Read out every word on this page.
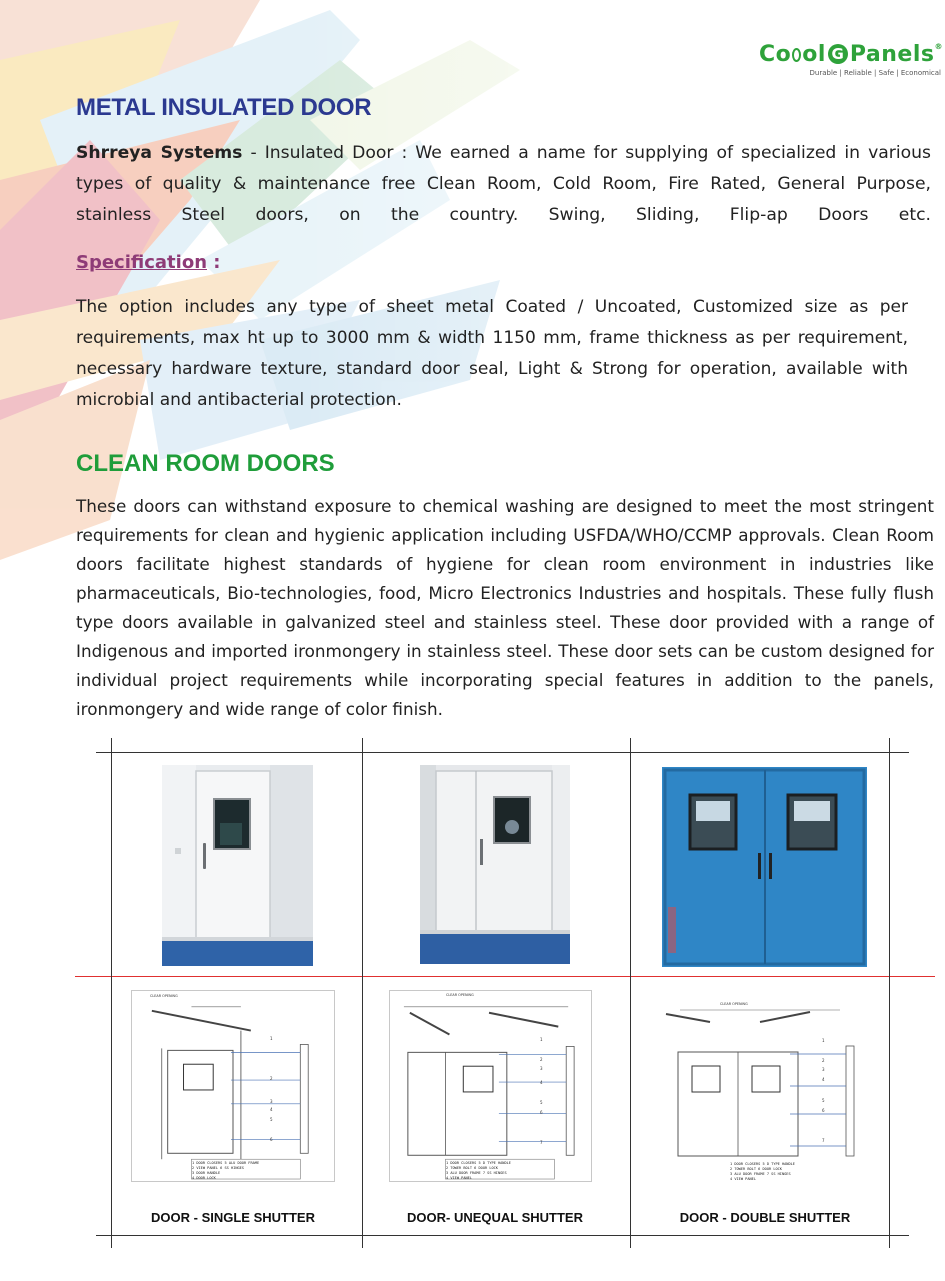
Co ol G Panels®
Durable | Reliable | Safe | Economical
METAL INSULATED DOOR

Shrreya Systems - Insulated Door : We earned a name for supplying of specialized in various types of quality & maintenance free Clean Room, Cold Room, Fire Rated, General Purpose, stainless Steel doors, on the country. Swing, Sliding, Flip-ap Doors etc.

Specification :

The option includes any type of sheet metal Coated / Uncoated, Customized size as per requirements, max ht up to 3000 mm & width 1150 mm, frame thickness as per requirement, necessary hardware texture, standard door seal, Light & Strong for operation, available with microbial and antibacterial protection.

CLEAN ROOM DOORS

These doors can withstand exposure to chemical washing are designed to meet the most stringent requirements for clean and hygienic application including USFDA/WHO/CCMP approvals. Clean Room doors facilitate highest standards of hygiene for clean room environment in industries like pharmaceuticals, Bio-technologies, food, Micro Electronics Industries and hospitals. These fully flush type doors available in galvanized steel and stainless steel. These door provided with a range of Indigenous and imported ironmongery in stainless steel. These door sets can be custom designed for individual project requirements while incorporating special features in addition to the panels, ironmongery and wide range of color finish.

CLEAR OPENING
1
2
3
4
5
6
1 DOOR CLOSERS 5 ALU DOOR FRAME
2 VIEW PANEL 6 SS HINGES
3 DOOR HANDLE
4 DOOR LOCK
CLEAR OPENING
1
2
3
4
5
6
7
1 DOOR CLOSERS 5 D TYPE HANDLE
2 TOWER BOLT 6 DOOR LOCK
3 ALU DOOR FRAME 7 SS HINGES
4 VIEW PANEL
CLEAR OPENING
1
2
3
4
5
6
7
1 DOOR CLOSERS 5 D TYPE HANDLE
2 TOWER BOLT 6 DOOR LOCK
3 ALU DOOR FRAME 7 SS HINGES
4 VIEW PANEL
DOOR - SINGLE SHUTTER	DOOR- UNEQUAL SHUTTER	DOOR - DOUBLE SHUTTER
